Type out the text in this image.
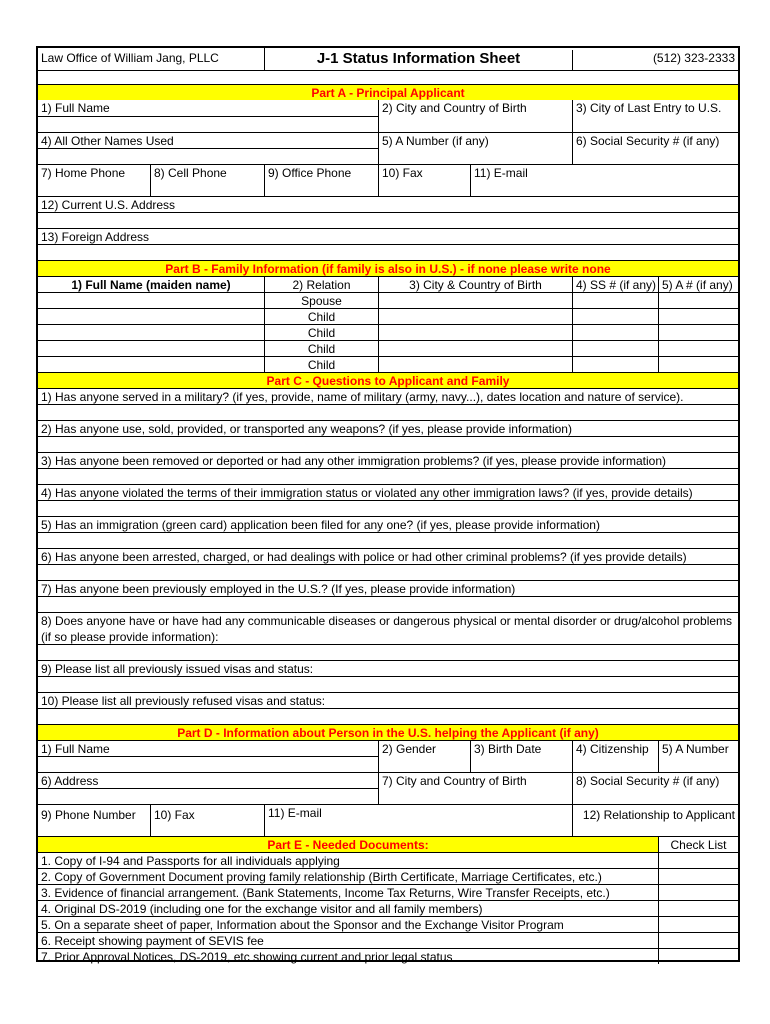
Law Office of William Jang, PLLC	J-1 Status Information Sheet	(512) 323-2333
Part A - Principal Applicant
1) Full Name	2) City and Country of Birth	3) City of Last Entry to U.S.
4) All Other Names Used	5) A Number (if any)	6) Social Security # (if any)
7) Home Phone	8) Cell Phone	9) Office Phone	10) Fax	11) E-mail
12) Current U.S. Address
13) Foreign Address
Part B - Family Information (if family is also in U.S.) - if none please write none
1) Full Name (maiden name)	2) Relation	3) City & Country of Birth	4) SS # (if any) 5) A # (if any)
Spouse
Child
Child
Child
Child
Part C - Questions to Applicant and Family
1) Has anyone served in a military? (if yes, provide, name of military (army, navy...), dates location and nature of service).
2) Has anyone use, sold, provided, or transported any weapons? (if yes, please provide information)
3) Has anyone been removed or deported or had any other immigration problems? (if yes, please provide information)
4) Has anyone violated the terms of their immigration status or violated any other immigration laws? (if yes, provide details)
5) Has an immigration (green card) application been filed for any one? (if yes, please provide information)
6) Has anyone been arrested, charged, or had dealings with police or had other criminal problems? (if yes provide details)
7) Has anyone been previously employed in the U.S.? (If yes, please provide information)
8) Does anyone have or have had any communicable diseases or dangerous physical or mental disorder or drug/alcohol problems (if so please provide information):
9) Please list all previously issued visas and status:
10) Please list all previously refused visas and status:
Part D - Information about Person in the U.S. helping the Applicant (if any)
1) Full Name	2) Gender	3) Birth Date	4) Citizenship	5) A Number
6) Address	7) City and Country of Birth	8) Social Security # (if any)
9) Phone Number	10) Fax	11) E-mail	12) Relationship to Applicant
Part E - Needed Documents:	Check List
1. Copy of I-94 and Passports for all individuals applying
2. Copy of Government Document proving family relationship (Birth Certificate, Marriage Certificates, etc.)
3. Evidence of financial arrangement. (Bank Statements, Income Tax Returns, Wire Transfer Receipts, etc.)
4. Original DS-2019 (including one for the exchange visitor and all family members)
5. On a separate sheet of paper, Information about the Sponsor and the Exchange Visitor Program
6. Receipt showing payment of SEVIS fee
7. Prior Approval Notices, DS-2019, etc showing current and prior legal status
